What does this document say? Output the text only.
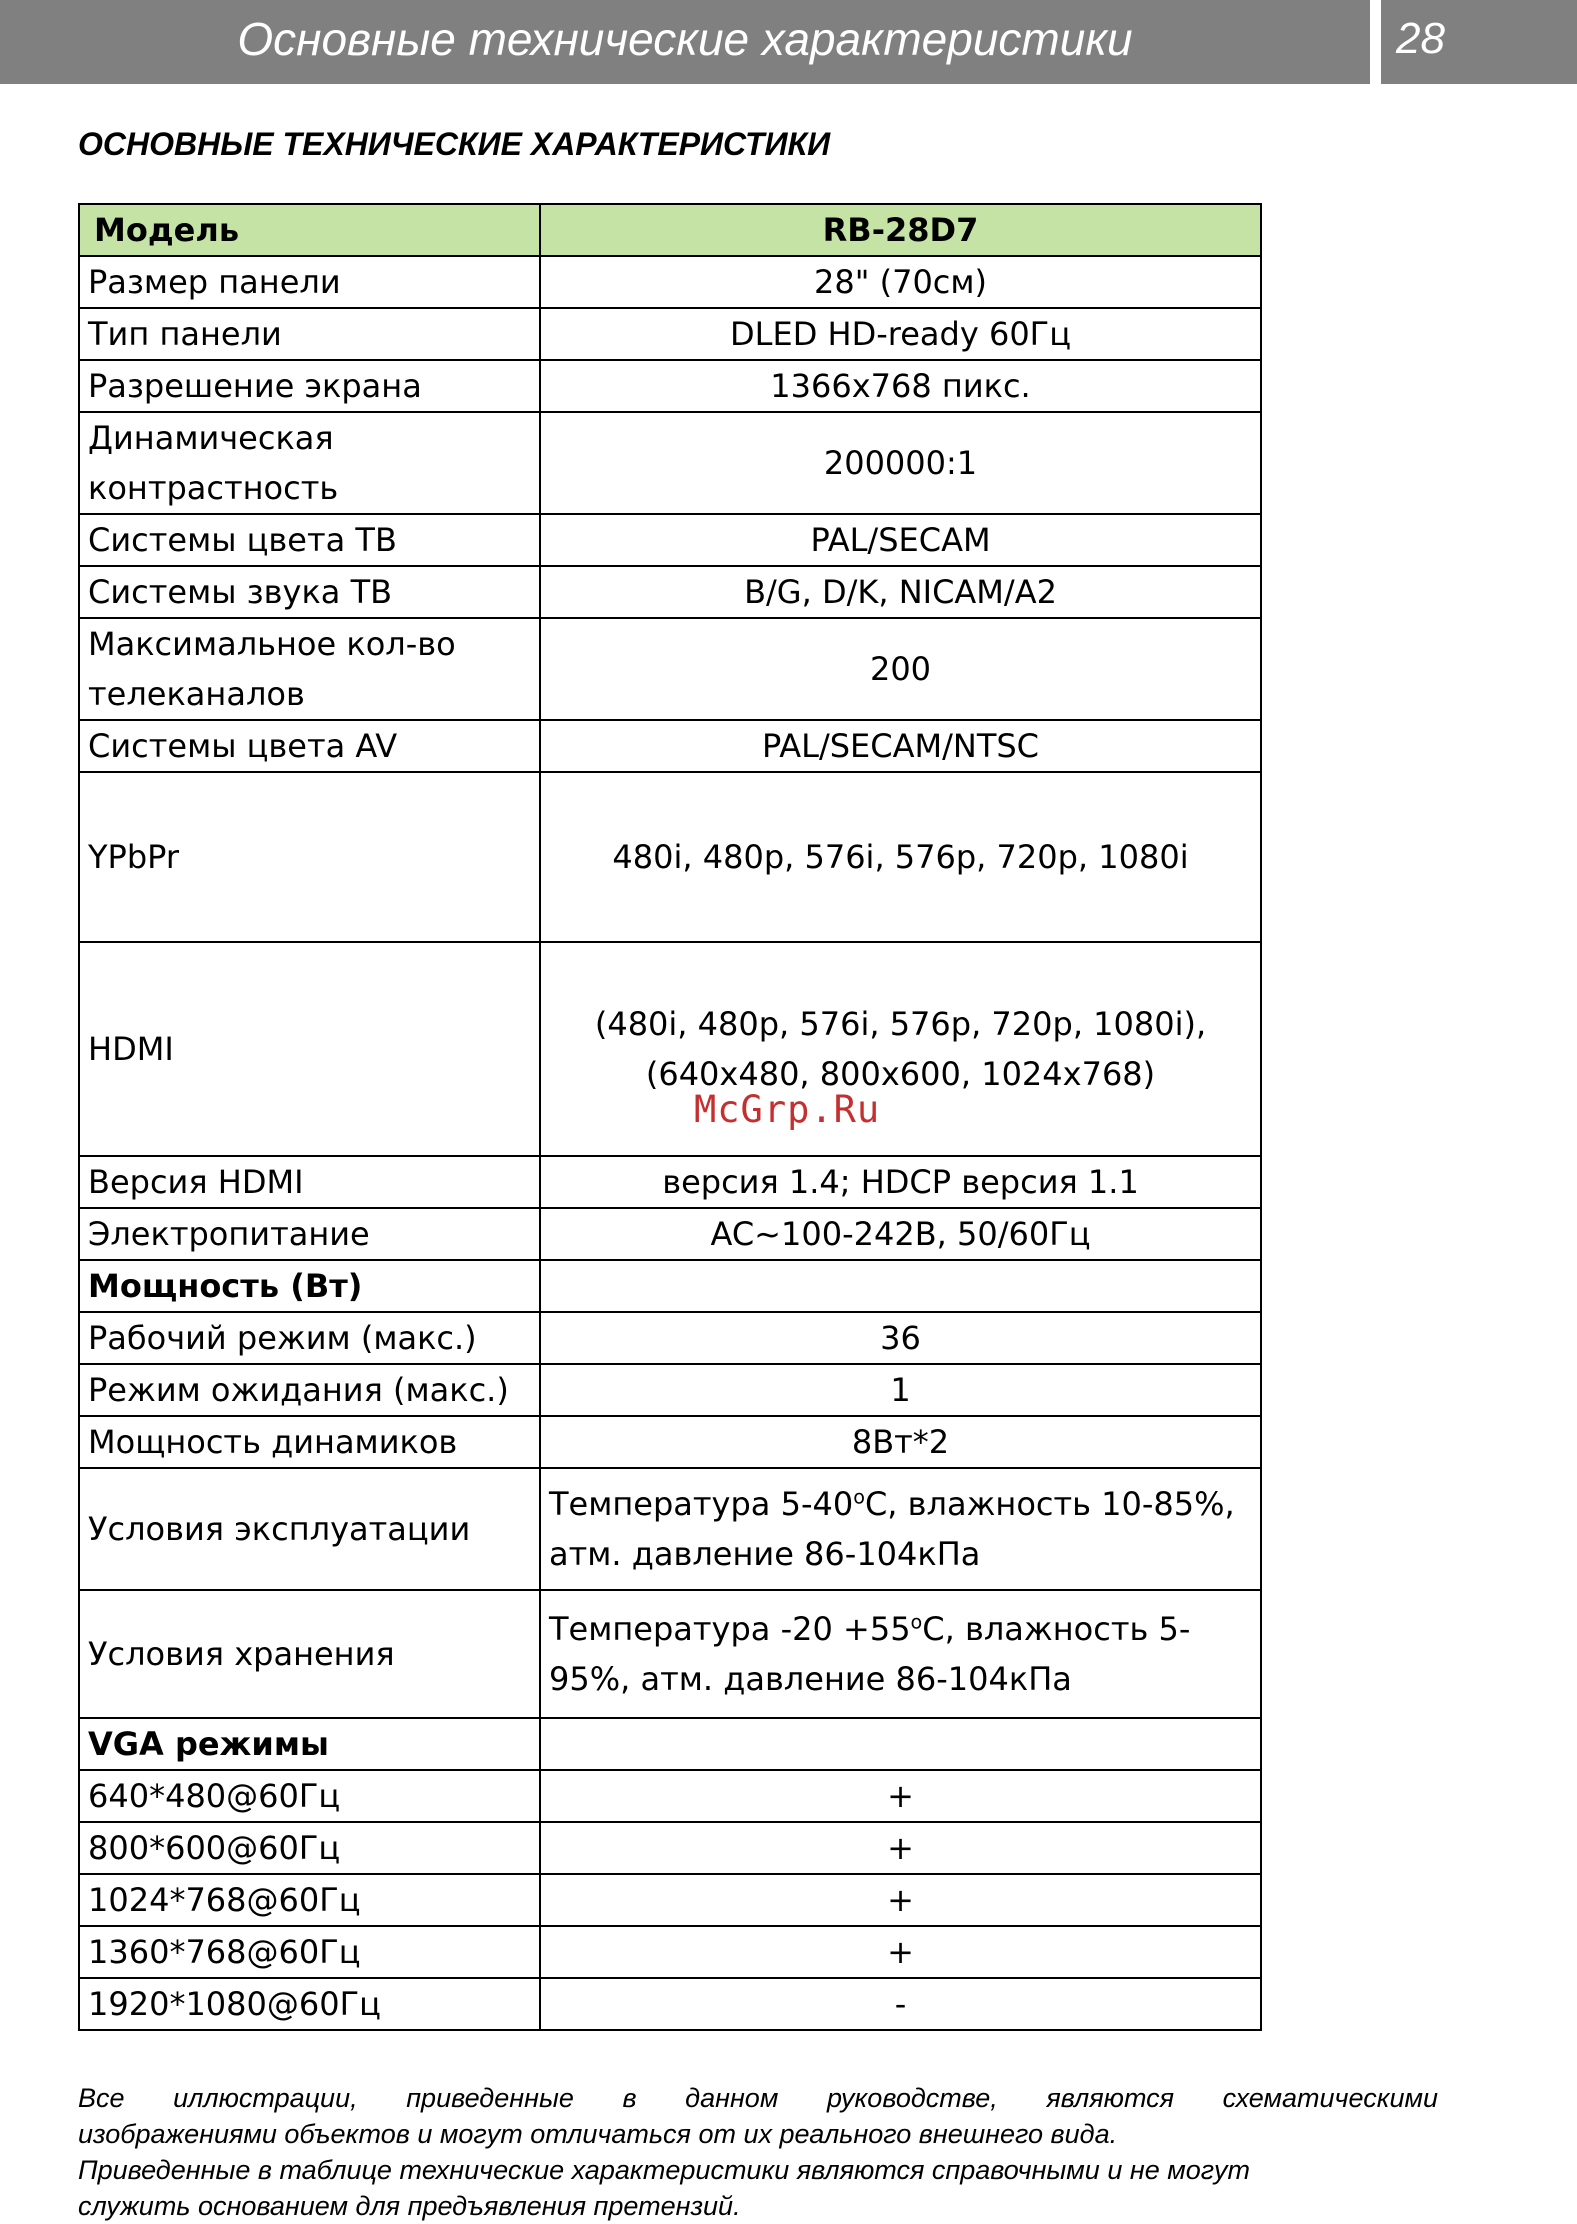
Основные технические характеристики	28
ОСНОВНЫЕ ТЕХНИЧЕСКИЕ ХАРАКТЕРИСТИКИ
Модель	RB-28D7
Размер панели	28" (70см)
Тип панели	DLED HD-ready 60Гц
Разрешение экрана	1366x768 пикс.
Динамическая
контрастность	200000:1
Системы цвета ТВ	PAL/SECAM
Системы звука ТВ	B/G, D/K, NICAM/A2
Максимальное кол-во
телеканалов	200
Системы цвета AV	PAL/SECAM/NTSC
YPbPr	480i, 480p, 576i, 576p, 720p, 1080i
HDMI	(480i, 480p, 576i, 576p, 720p, 1080i),
(640x480, 800x600, 1024x768)
Версия HDMI	версия 1.4; HDCP версия 1.1
Электропитание	AC~100-242B, 50/60Гц
Мощность (Вт)	
Рабочий режим (макс.)	36
Режим ожидания (макс.)	1
Мощность динамиков	8Вт*2
Условия эксплуатации	Температура 5-40$^o$C, влажность 10-85%,
атм. давление 86-104кПа
Условия хранения	Температура $-20 +55^oC$, влажность 5-
95%, атм. давление 86-104кПа
VGA режимы	
640*480@60Гц	+
800*600@60Гц	+
1024*768@60Гц	+
1360*768@60Гц	+
1920*1080@60Гц	-
McGrp.Ru

Все иллюстрации, приведенные в данном руководстве, являются схематическими

изображениями объектов и могут отличаться от их реального внешнего вида.

Приведенные в таблице технические характеристики являются справочными и не могут

служить основанием для предъявления претензий.
